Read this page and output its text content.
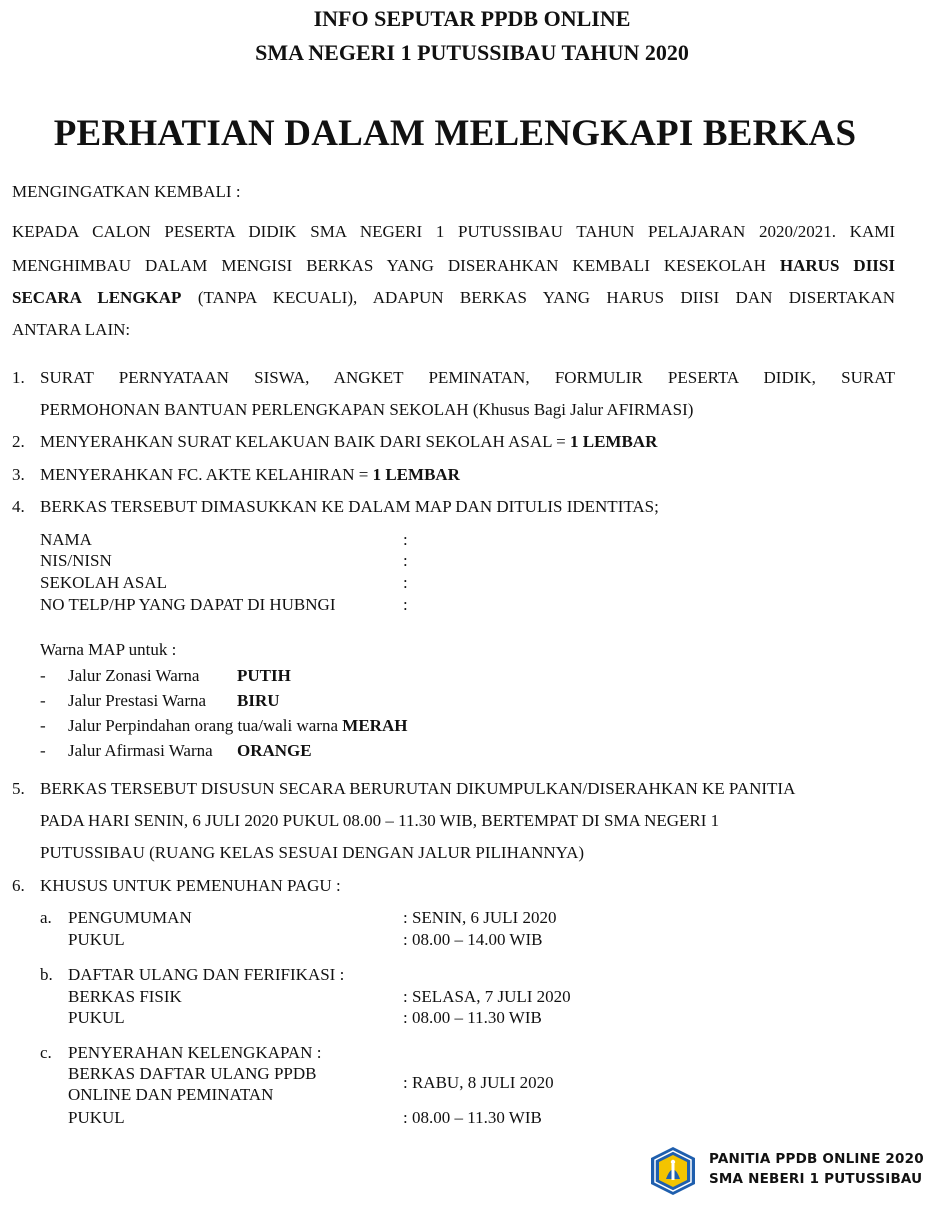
INFO SEPUTAR PPDB ONLINE
SMA NEGERI 1 PUTUSSIBAU TAHUN 2020
PERHATIAN DALAM MELENGKAPI BERKAS
MENGINGATKAN KEMBALI :
KEPADA CALON PESERTA DIDIK SMA NEGERI 1 PUTUSSIBAU TAHUN PELAJARAN 2020/2021. KAMI
MENGHIMBAU DALAM MENGISI BERKAS YANG DISERAHKAN KEMBALI KESEKOLAH HARUS DIISI
SECARA LENGKAP (TANPA KECUALI), ADAPUN BERKAS YANG HARUS DIISI DAN DISERTAKAN
ANTARA LAIN:
1. SURAT PERNYATAAN SISWA, ANGKET PEMINATAN, FORMULIR PESERTA DIDIK, SURAT
PERMOHONAN BANTUAN PERLENGKAPAN SEKOLAH (Khusus Bagi Jalur AFIRMASI)
2. MENYERAHKAN SURAT KELAKUAN BAIK DARI SEKOLAH ASAL = 1 LEMBAR
3. MENYERAHKAN FC. AKTE KELAHIRAN = 1 LEMBAR
4. BERKAS TERSEBUT DIMASUKKAN KE DALAM MAP DAN DITULIS IDENTITAS;
NAMA	:
NIS/NISN	:
SEKOLAH ASAL	:
NO TELP/HP YANG DAPAT DI HUBNGI	:
Warna MAP untuk :
- Jalur Zonasi Warna PUTIH
- Jalur Prestasi Warna BIRU
- Jalur Perpindahan orang tua/wali warna MERAH
- Jalur Afirmasi Warna ORANGE
5. BERKAS TERSEBUT DISUSUN SECARA BERURUTAN DIKUMPULKAN/DISERAHKAN KE PANITIA
PADA HARI SENIN, 6 JULI 2020 PUKUL 08.00 – 11.30 WIB, BERTEMPAT DI SMA NEGERI 1
PUTUSSIBAU (RUANG KELAS SESUAI DENGAN JALUR PILIHANNYA)
6. KHUSUS UNTUK PEMENUHAN PAGU :
a. PENGUMUMAN	: SENIN, 6 JULI 2020
PUKUL	: 08.00 – 14.00 WIB
b. DAFTAR ULANG DAN FERIFIKASI :
BERKAS FISIK	: SELASA, 7 JULI 2020
PUKUL	: 08.00 – 11.30 WIB
c. PENYERAHAN KELENGKAPAN :
BERKAS DAFTAR ULANG PPDB
ONLINE DAN PEMINATAN
: RABU, 8 JULI 2020
PUKUL	: 08.00 – 11.30 WIB
PANITIA PPDB ONLINE 2020
SMA NEBERI 1 PUTUSSIBAU
